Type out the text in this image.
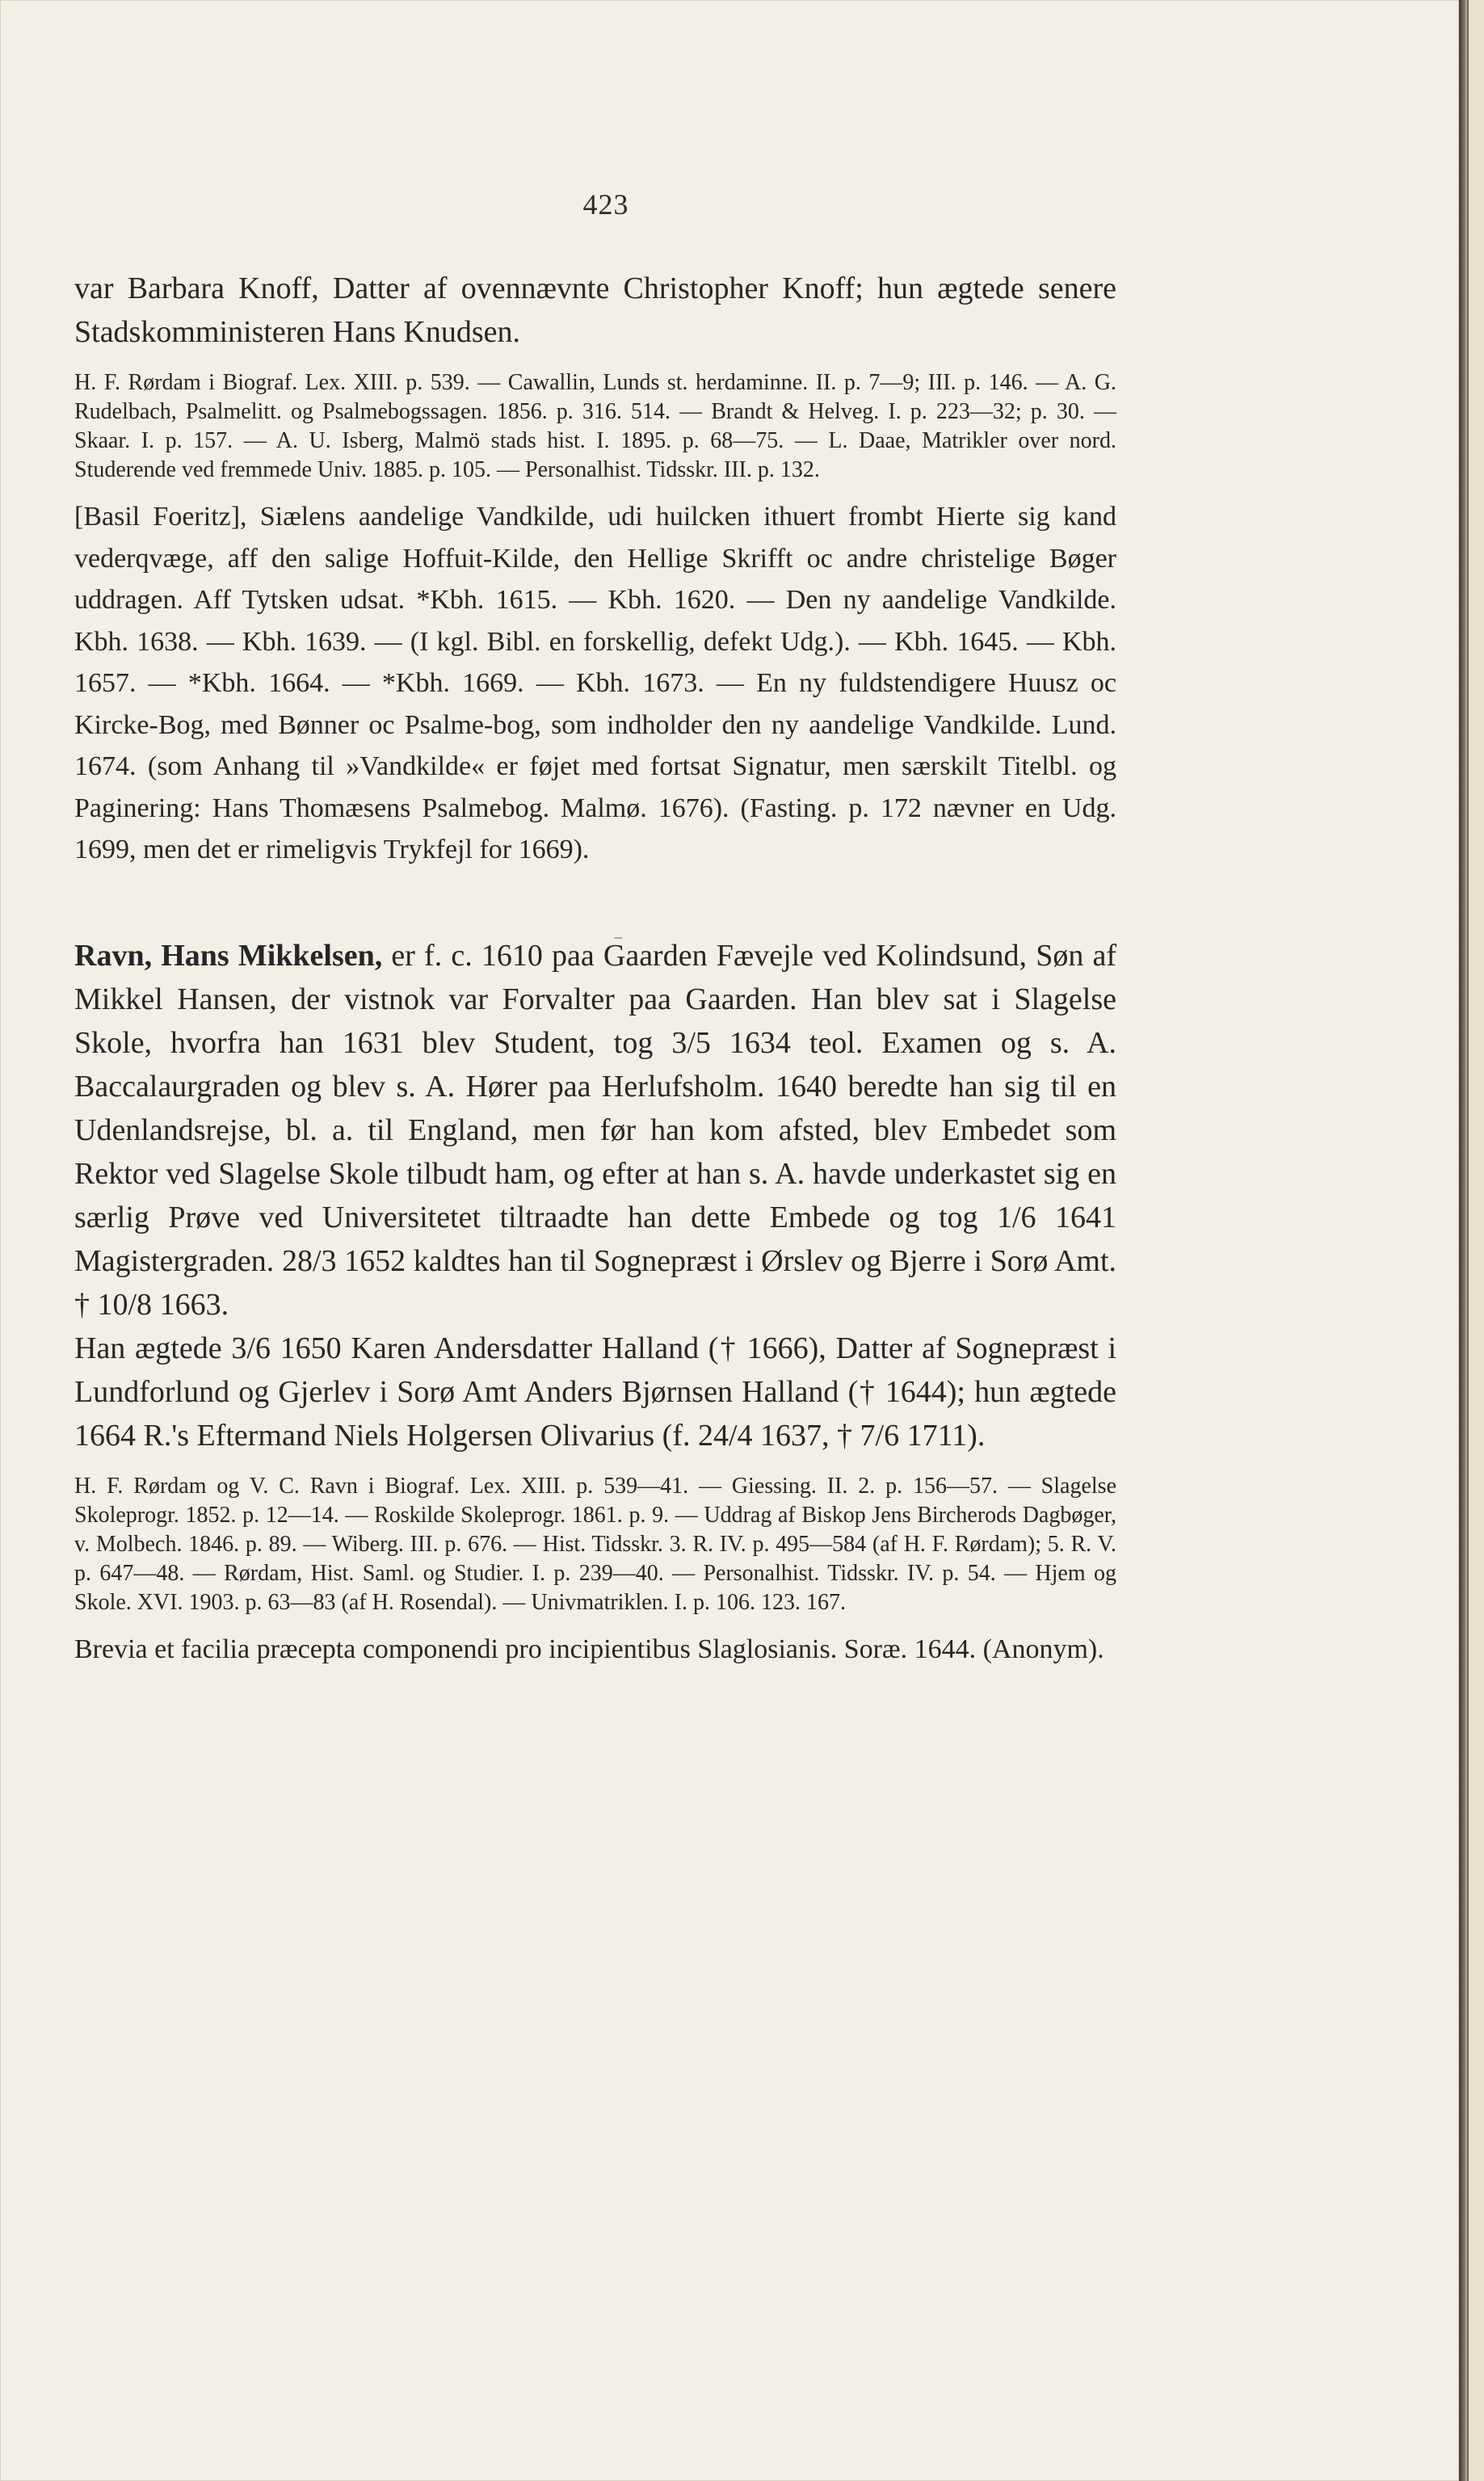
423

var Barbara Knoff, Datter af ovennævnte Christopher Knoff; hun ægtede senere Stadskomministeren Hans Knudsen.

H. F. Rørdam i Biograf. Lex. XIII. p. 539. — Cawallin, Lunds st. herdaminne. II. p. 7—9; III. p. 146. — A. G. Rudelbach, Psalmelitt. og Psalmebogssagen. 1856. p. 316. 514. — Brandt & Helveg. I. p. 223—32; p. 30. — Skaar. I. p. 157. — A. U. Isberg, Malmö stads hist. I. 1895. p. 68—75. — L. Daae, Matrikler over nord. Studerende ved fremmede Univ. 1885. p. 105. — Personalhist. Tidsskr. III. p. 132.

[Basil Foeritz], Siælens aandelige Vandkilde, udi huilcken ithuert frombt Hierte sig kand vederqvæge, aff den salige Hoffuit-Kilde, den Hellige Skrifft oc andre christelige Bøger uddragen. Aff Tytsken udsat. *Kbh. 1615. — Kbh. 1620. — Den ny aandelige Vandkilde. Kbh. 1638. — Kbh. 1639. — (I kgl. Bibl. en forskellig, defekt Udg.). — Kbh. 1645. — Kbh. 1657. — *Kbh. 1664. — *Kbh. 1669. — Kbh. 1673. — En ny fuldstendigere Huusz oc Kircke-Bog, med Bønner oc Psalme-bog, som indholder den ny aandelige Vandkilde. Lund. 1674. (som Anhang til »Vandkilde« er føjet med fortsat Signatur, men særskilt Titelbl. og Paginering: Hans Thomæsens Psalmebog. Malmø. 1676). (Fasting. p. 172 nævner en Udg. 1699, men det er rimeligvis Trykfejl for 1669).

Ravn, Hans Mikkelsen, er f. c. 1610 paa Gaarden Fævejle ved Kolindsund, Søn af Mikkel Hansen, der vistnok var Forvalter paa Gaarden. Han blev sat i Slagelse Skole, hvorfra han 1631 blev Student, tog 3/5 1634 teol. Examen og s. A. Baccalaurgraden og blev s. A. Hører paa Herlufsholm. 1640 beredte han sig til en Udenlandsrejse, bl. a. til England, men før han kom afsted, blev Embedet som Rektor ved Slagelse Skole tilbudt ham, og efter at han s. A. havde underkastet sig en særlig Prøve ved Universitetet tiltraadte han dette Embede og tog 1/6 1641 Magistergraden. 28/3 1652 kaldtes han til Sognepræst i Ørslev og Bjerre i Sorø Amt. † 10/8 1663.

Han ægtede 3/6 1650 Karen Andersdatter Halland († 1666), Datter af Sognepræst i Lundforlund og Gjerlev i Sorø Amt Anders Bjørnsen Halland († 1644); hun ægtede 1664 R.'s Eftermand Niels Holgersen Olivarius (f. 24/4 1637, † 7/6 1711).

H. F. Rørdam og V. C. Ravn i Biograf. Lex. XIII. p. 539—41. — Giessing. II. 2. p. 156—57. — Slagelse Skoleprogr. 1852. p. 12—14. — Roskilde Skoleprogr. 1861. p. 9. — Uddrag af Biskop Jens Bircherods Dagbøger, v. Molbech. 1846. p. 89. — Wiberg. III. p. 676. — Hist. Tidsskr. 3. R. IV. p. 495—584 (af H. F. Rørdam); 5. R. V. p. 647—48. — Rørdam, Hist. Saml. og Studier. I. p. 239—40. — Personalhist. Tidsskr. IV. p. 54. — Hjem og Skole. XVI. 1903. p. 63—83 (af H. Rosendal). — Univmatriklen. I. p. 106. 123. 167.

Brevia et facilia præcepta componendi pro incipientibus Slaglosianis. Soræ. 1644. (Anonym).
